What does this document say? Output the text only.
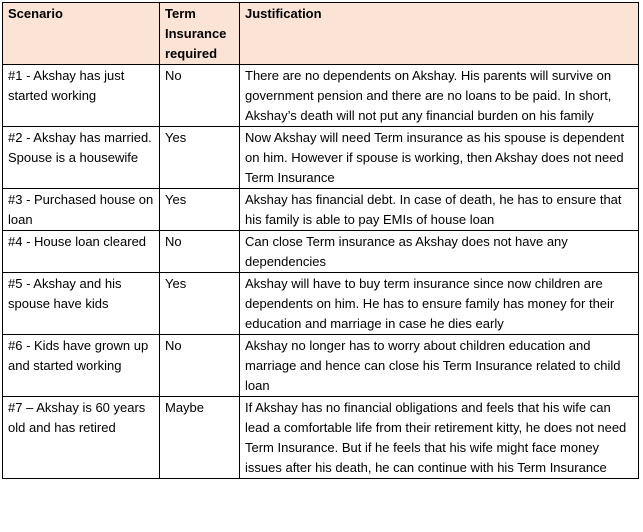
Scenario	Term Insurance required	Justification
#1 - Akshay has just started working	No	There are no dependents on Akshay. His parents will survive on government pension and there are no loans to be paid. In short, Akshay’s death will not put any financial burden on his family
#2 - Akshay has married. Spouse is a housewife	Yes	Now Akshay will need Term insurance as his spouse is dependent on him. However if spouse is working, then Akshay does not need Term Insurance
#3 - Purchased house on loan	Yes	Akshay has financial debt. In case of death, he has to ensure that his family is able to pay EMIs of house loan
#4 - House loan cleared	No	Can close Term insurance as Akshay does not have any dependencies
#5 - Akshay and his spouse have kids	Yes	Akshay will have to buy term insurance since now children are dependents on him. He has to ensure family has money for their education and marriage in case he dies early
#6 - Kids have grown up and started working	No	Akshay no longer has to worry about children education and marriage and hence can close his Term Insurance related to child loan
#7 – Akshay is 60 years old and has retired	Maybe	If Akshay has no financial obligations and feels that his wife can lead a comfortable life from their retirement kitty, he does not need Term Insurance. But if he feels that his wife might face money issues after his death, he can continue with his Term Insurance
